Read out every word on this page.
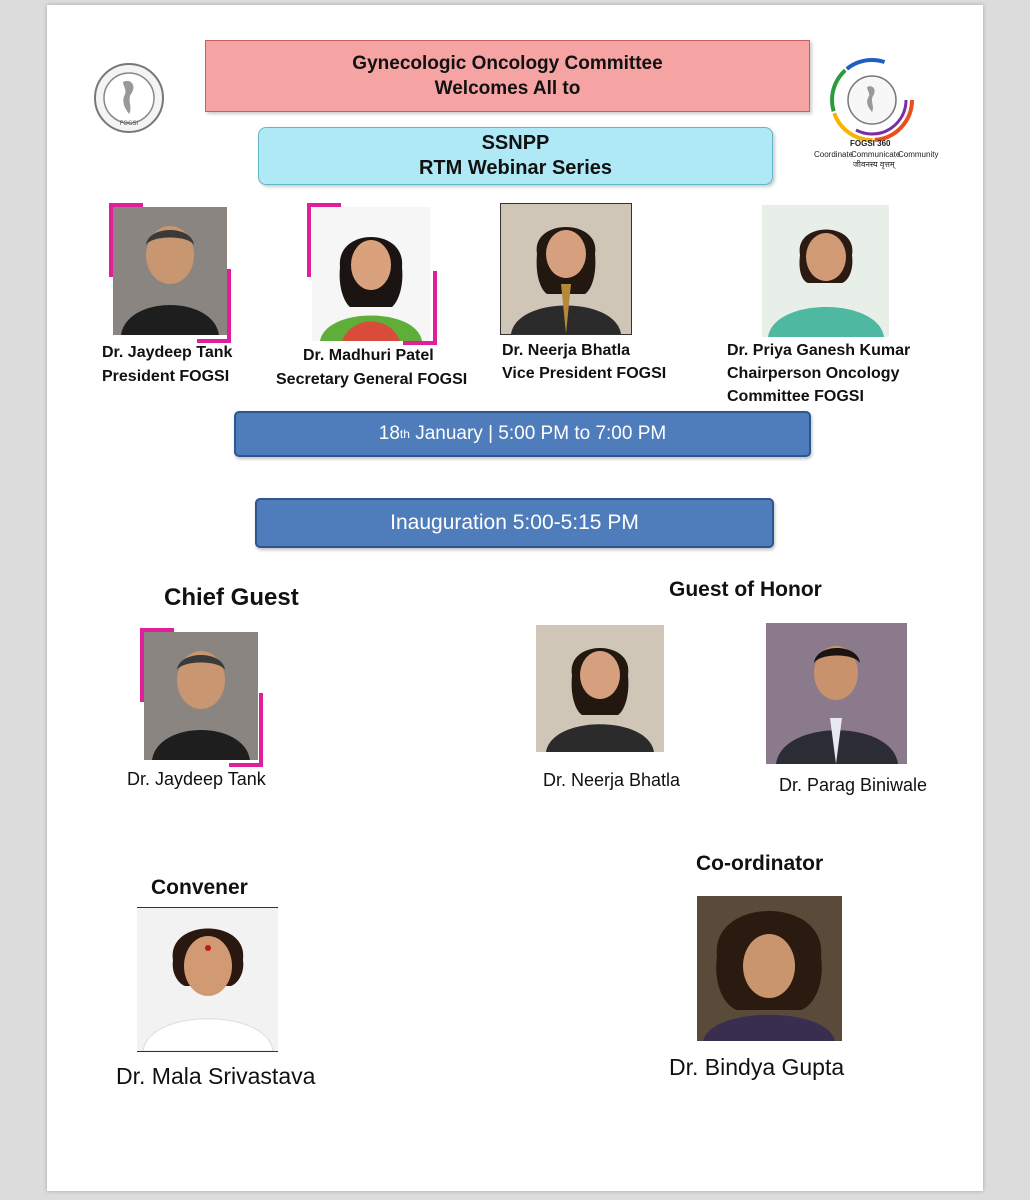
FOGSI
FOGSI 360
Coordinate
Communicate
Community
जीवनस्य वृत्तम्
Gynecologic Oncology Committee
Welcomes All to
SSNPP
RTM Webinar Series
Dr. Jaydeep Tank
President FOGSI
Dr. Madhuri Patel
Secretary General FOGSI
Dr. Neerja Bhatla
Vice President FOGSI
Dr. Priya Ganesh Kumar
Chairperson Oncology
Committee FOGSI
18 th January | 5:00 PM to 7:00 PM
Inauguration 5:00-5:15 PM
Chief Guest
Dr. Jaydeep Tank
Guest of Honor
Dr. Neerja Bhatla	Dr. Parag Biniwale
Convener
Dr. Mala Srivastava
Co-ordinator
Dr. Bindya Gupta
